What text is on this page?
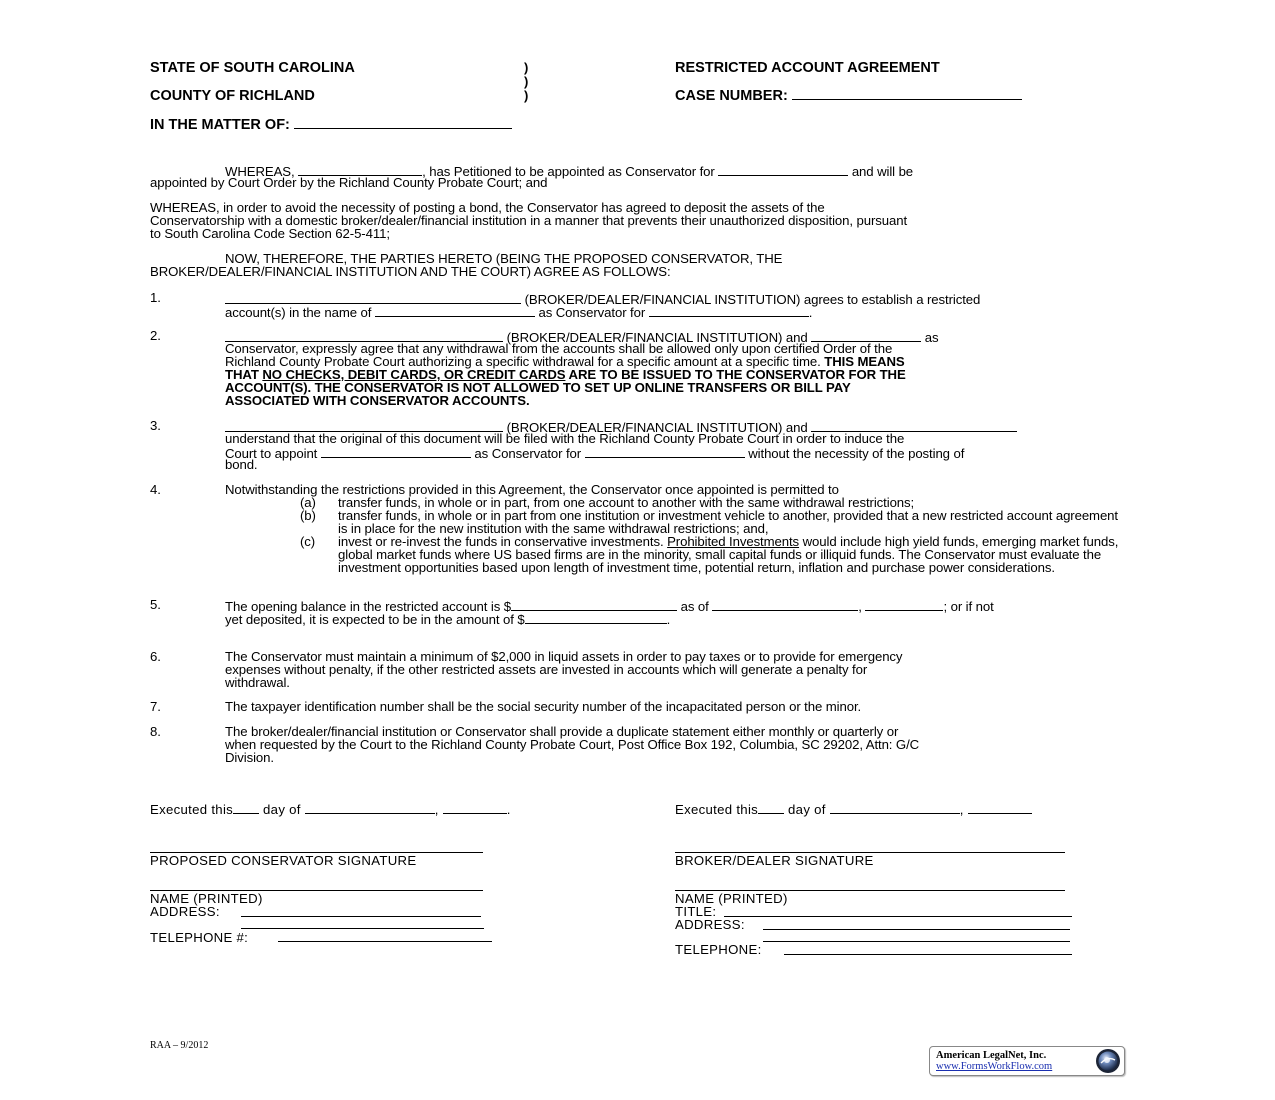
STATE OF SOUTH CAROLINA
COUNTY OF RICHLAND
)
)
)
IN THE MATTER OF:
RESTRICTED ACCOUNT AGREEMENT
CASE NUMBER:
WHEREAS,	, has Petitioned to be appointed as Conservator for	and will be
appointed by Court Order by the Richland County Probate Court; and
WHEREAS, in order to avoid the necessity of posting a bond, the Conservator has agreed to deposit the assets of the
Conservatorship with a domestic broker/dealer/financial institution in a manner that prevents their unauthorized disposition, pursuant
to South Carolina Code Section 62-5-411;
NOW, THEREFORE, THE PARTIES HERETO (BEING THE PROPOSED CONSERVATOR, THE
BROKER/DEALER/FINANCIAL INSTITUTION AND THE COURT) AGREE AS FOLLOWS:
1.	(BROKER/DEALER/FINANCIAL INSTITUTION) agrees to establish a restricted
account(s) in the name of	as Conservator for	.
2.	(BROKER/DEALER/FINANCIAL INSTITUTION) and	as
Conservator, expressly agree that any withdrawal from the accounts shall be allowed only upon certified Order of the
Richland County Probate Court authorizing a specific withdrawal for a specific amount at a specific time. THIS MEANS
THAT NO CHECKS, DEBIT CARDS, OR CREDIT CARDS ARE TO BE ISSUED TO THE CONSERVATOR FOR THE
ACCOUNT(S). THE CONSERVATOR IS NOT ALLOWED TO SET UP ONLINE TRANSFERS OR BILL PAY
ASSOCIATED WITH CONSERVATOR ACCOUNTS.
3.	(BROKER/DEALER/FINANCIAL INSTITUTION) and
understand that the original of this document will be filed with the Richland County Probate Court in order to induce the
Court to appoint	as Conservator for	without the necessity of the posting of
bond.
4.	Notwithstanding the restrictions provided in this Agreement, the Conservator once appointed is permitted to
(a) transfer funds, in whole or in part, from one account to another with the same withdrawal restrictions;
(b) transfer funds, in whole or in part from one institution or investment vehicle to another, provided that a new restricted account agreement is in place for the new institution with the same withdrawal restrictions; and,
(c) invest or re-invest the funds in conservative investments. Prohibited Investments would include high yield funds, emerging market funds, global market funds where US based firms are in the minority, small capital funds or illiquid funds. The Conservator must evaluate the investment opportunities based upon length of investment time, potential return, inflation and purchase power considerations.
5.	The opening balance in the restricted account is $	as of	,	; or if not
yet deposited, it is expected to be in the amount of $	.
6.	The Conservator must maintain a minimum of $2,000 in liquid assets in order to pay taxes or to provide for emergency
expenses without penalty, if the other restricted assets are invested in accounts which will generate a penalty for
withdrawal.
7.	The taxpayer identification number shall be the social security number of the incapacitated person or the minor.
8.	The broker/dealer/financial institution or Conservator shall provide a duplicate statement either monthly or quarterly or
when requested by the Court to the Richland County Probate Court, Post Office Box 192, Columbia, SC 29202, Attn: G/C
Division.
Executed this day of	,	.
PROPOSED CONSERVATOR SIGNATURE
NAME (PRINTED)
ADDRESS:
TELEPHONE #:
Executed this day of	,
BROKER/DEALER SIGNATURE
NAME (PRINTED)
TITLE:
ADDRESS:
TELEPHONE:
RAA – 9/2012
American LegalNet, Inc.
www.FormsWorkFlow.com
